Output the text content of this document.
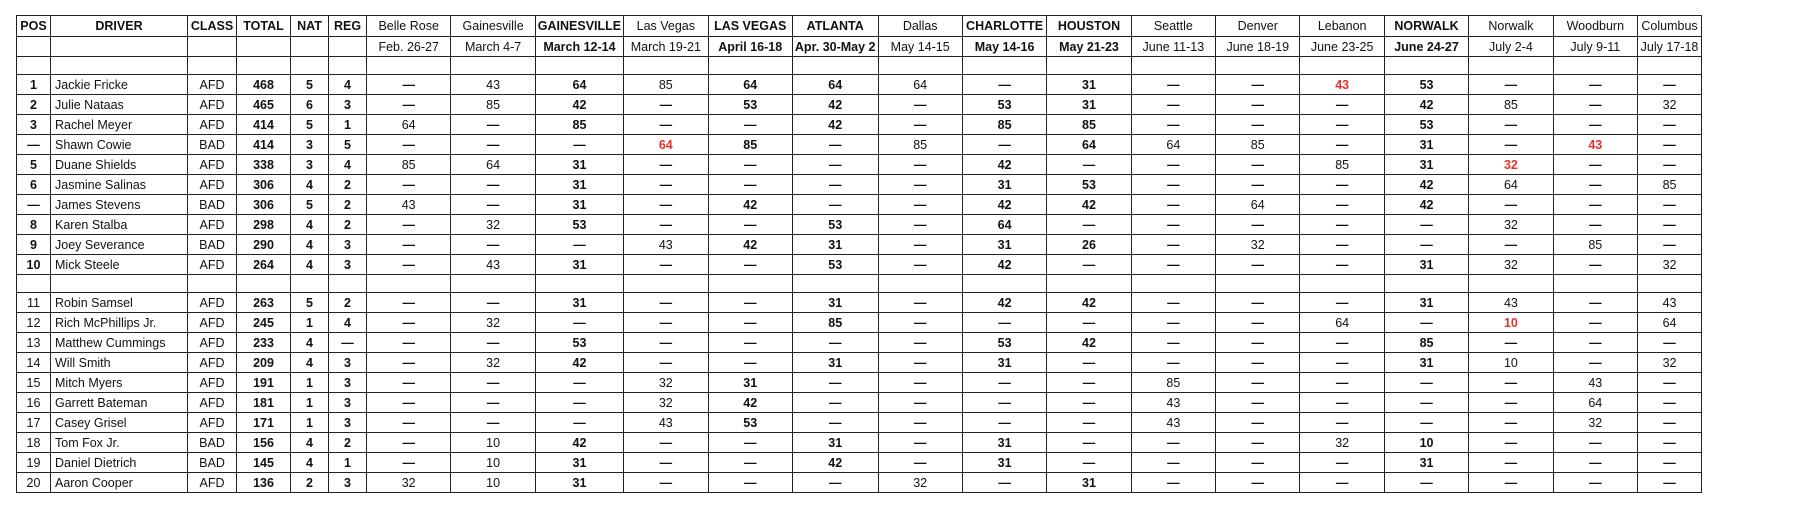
POS	DRIVER	CLASS	TOTAL	NAT	REG	Belle Rose	Gainesville	GAINESVILLE	Las Vegas	LAS VEGAS	ATLANTA	Dallas	CHARLOTTE	HOUSTON	Seattle	Denver	Lebanon	NORWALK	Norwalk	Woodburn	Columbus
						Feb. 26-27	March 4-7	March 12-14	March 19-21	April 16-18	Apr. 30-May 2	May 14-15	May 14-16	May 21-23	June 11-13	June 18-19	June 23-25	June 24-27	July 2-4	July 9-11	July 17-18

1	Jackie Fricke	AFD	468	5	4	—	43	64	85	64	64	64	—	31	—	—	43	53	—	—	—
2	Julie Nataas	AFD	465	6	3	—	85	42	—	53	42	—	53	31	—	—	—	42	85	—	32
3	Rachel Meyer	AFD	414	5	1	64	—	85	—	—	42	—	85	85	—	—	—	53	—	—	—
—	Shawn Cowie	BAD	414	3	5	—	—	—	64	85	—	85	—	64	64	85	—	31	—	43	—
5	Duane Shields	AFD	338	3	4	85	64	31	—	—	—	—	42	—	—	—	85	31	32	—	—
6	Jasmine Salinas	AFD	306	4	2	—	—	31	—	—	—	—	31	53	—	—	—	42	64	—	85
—	James Stevens	BAD	306	5	2	43	—	31	—	42	—	—	42	42	—	64	—	42	—	—	—
8	Karen Stalba	AFD	298	4	2	—	32	53	—	—	53	—	64	—	—	—	—	—	32	—	—
9	Joey Severance	BAD	290	4	3	—	—	—	43	42	31	—	31	26	—	32	—	—	—	85	—
10	Mick Steele	AFD	264	4	3	—	43	31	—	—	53	—	42	—	—	—	—	31	32	—	32

11	Robin Samsel	AFD	263	5	2	—	—	31	—	—	31	—	42	42	—	—	—	31	43	—	43
12	Rich McPhillips Jr.	AFD	245	1	4	—	32	—	—	—	85	—	—	—	—	—	64	—	10	—	64
13	Matthew Cummings	AFD	233	4	—	—	—	53	—	—	—	—	53	42	—	—	—	85	—	—	—
14	Will Smith	AFD	209	4	3	—	32	42	—	—	31	—	31	—	—	—	—	31	10	—	32
15	Mitch Myers	AFD	191	1	3	—	—	—	32	31	—	—	—	—	85	—	—	—	—	43	—
16	Garrett Bateman	AFD	181	1	3	—	—	—	32	42	—	—	—	—	43	—	—	—	—	64	—
17	Casey Grisel	AFD	171	1	3	—	—	—	43	53	—	—	—	—	43	—	—	—	—	32	—
18	Tom Fox Jr.	BAD	156	4	2	—	10	42	—	—	31	—	31	—	—	—	32	10	—	—	—
19	Daniel Dietrich	BAD	145	4	1	—	10	31	—	—	42	—	31	—	—	—	—	31	—	—	—
20	Aaron Cooper	AFD	136	2	3	32	10	31	—	—	—	32	—	31	—	—	—	—	—	—	—
